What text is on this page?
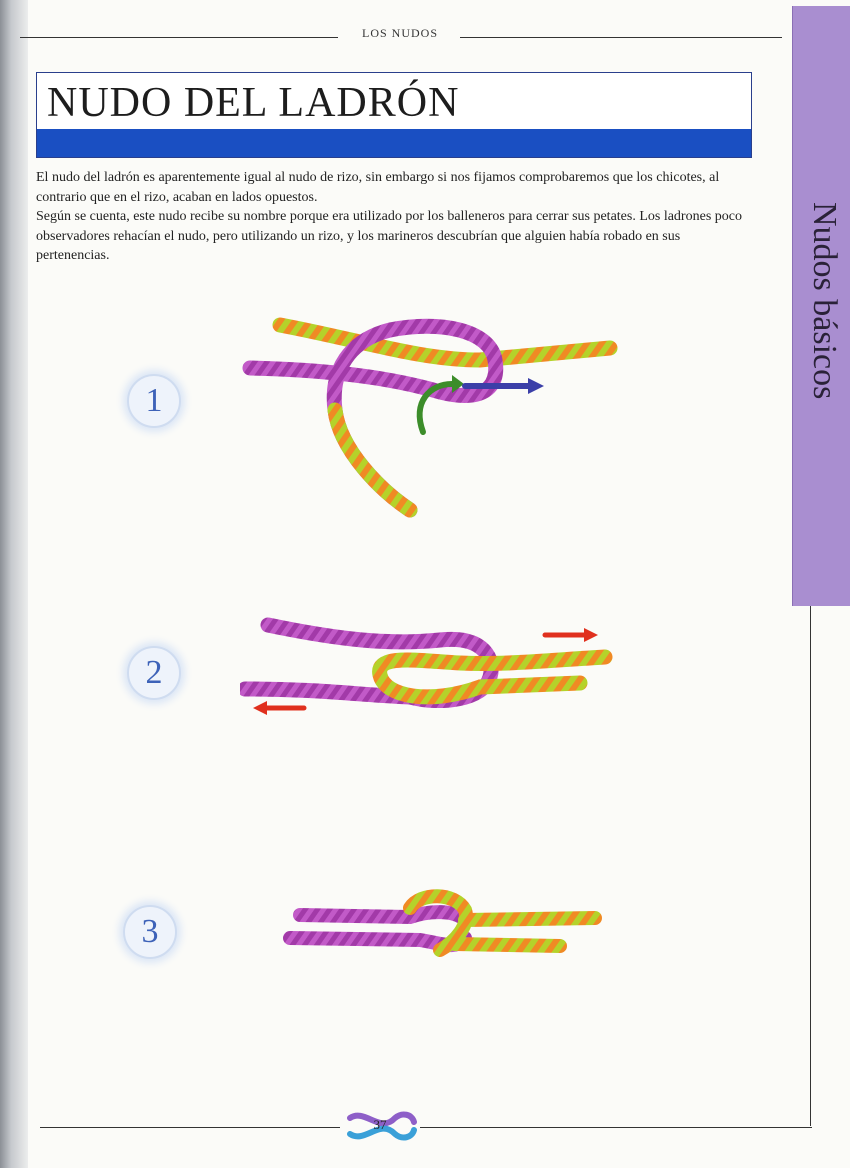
LOS NUDOS
NUDO DEL LADRÓN

El nudo del ladrón es aparentemente igual al nudo de rizo, sin embargo si nos fijamos comprobaremos que los chicotes, al contrario que en el rizo, acaban en lados opuestos.

Según se cuenta, este nudo recibe su nombre porque era utilizado por los balleneros para cerrar sus petates. Los ladrones poco observadores rehacían el nudo, pero utilizando un rizo, y los marineros descubrían que alguien había robado en sus pertenencias.	Nudos básicos
1
2
3
37
